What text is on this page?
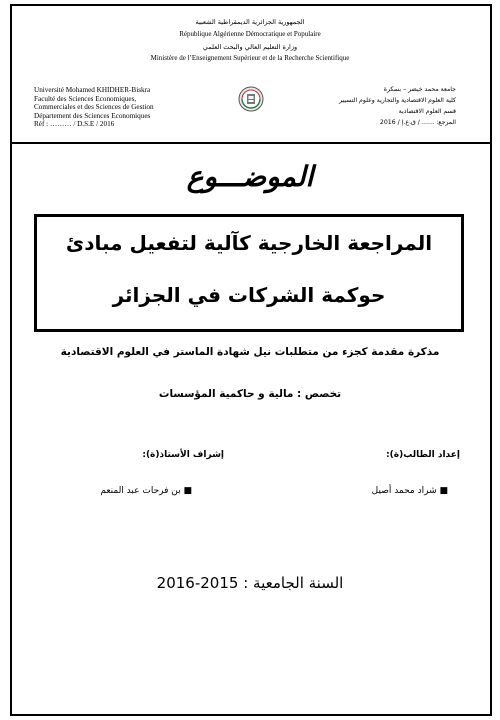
الجمهورية الجزائرية الديمقراطية الشعبية
République Algérienne Démocratique et Populaire
وزارة التعليم العالي والبحث العلمي
Ministère de l’Enseignement Supérieur et de la Recherche Scientifique
Université Mohamed KHIDHER-Biskra
Faculté des Sciences Economiques,
Commerciales et des Sciences de Gestion
Département des Sciences Economiques
Réf : ……… / D.S.E / 2016
جامعة محمد خيضر – بسكرة
كلية العلوم الاقتصادية والتجارية وعلوم التسيير
قسم العلوم الاقتصادية
المرجع: …… / ق.ع.إ / 2016
الموضـــوع
المراجعة الخارجية كآلية لتفعيل مبادئ
حوكمة الشركات في الجزائر
مذكرة مقدمة كجزء من متطلبات نيل شهادة الماستر في العلوم الاقتصادية
تخصص : مالية و حاكمية المؤسسات
إعداد الطالب(ة):
إشراف الأستاذ(ة):
■ شراد محمد أصيل
■ بن فرحات عبد المنعم
السنة الجامعية : 2015-2016
